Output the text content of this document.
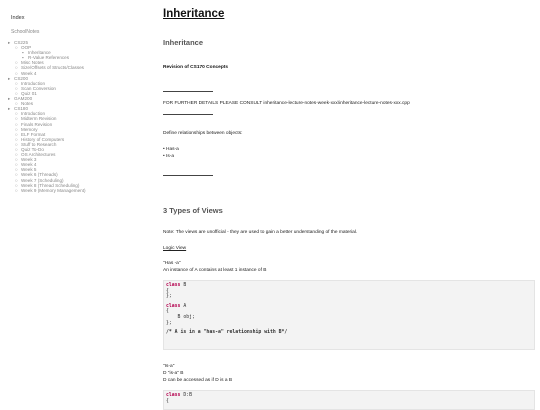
Index
SchoolNotes
▸ CS225
○ OOP
▪ Inheritance
▪ R-Value References
○ Misc Notes
○ Size/Offsets of Structs/Classes
○ Week 4
▸ CS200
○ Introduction
○ Scan Conversion
○ Quiz 01
▸ GAM200
○ Notes
▸ CS180
○ Introduction
○ Midterm Revision
○ Finals Revision
○ Memory
○ ELF Format
○ History of Computers
○ Stuff to Research
○ Quiz To-Do
○ OS Architectures
○ Week 3
○ Week 4
○ Week 5
○ Week 6 (Threads)
○ Week 7 (Scheduling)
○ Week 8 (Thread Scheduling)
○ Week 9 (Memory Management)
Inheritance
Inheritance
Revision of CS170 Concepts
FOR FURTHER DETAILS PLEASE CONSULT inheritance-lecture-notes-week-xxx\inheritance-lecture-notes-xxx.cpp
Define relationships between objects:
• Has-a
• Is-a
3 Types of Views
Note: The views are unofficial - they are used to gain a better understanding of the material.
Logic View
"Has -a"
An instance of A contains at least 1 instance of B
class B
{
};
class A
{
B obj;
};
/* A is in a "has-a" relationship with B*/
"Is-a"
D "is-a" B
D can be accessed as if D is a B
class D:B
{
